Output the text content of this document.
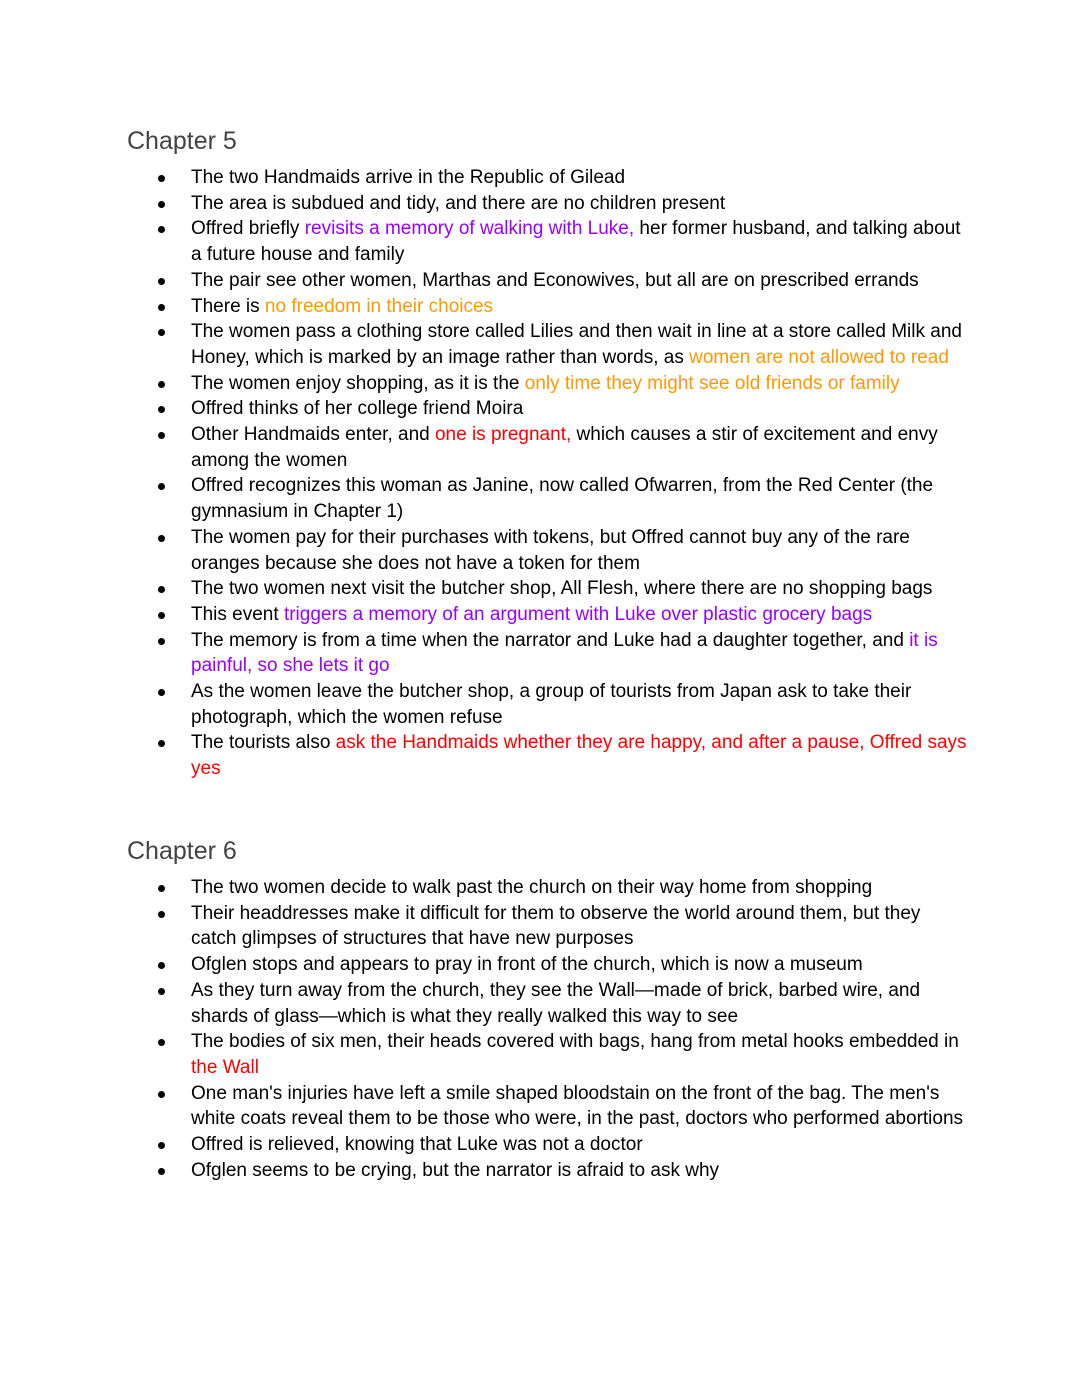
Chapter 5
The two Handmaids arrive in the Republic of Gilead
The area is subdued and tidy, and there are no children present
Offred briefly revisits a memory of walking with Luke, her former husband, and talking about a future house and family
The pair see other women, Marthas and Econowives, but all are on prescribed errands
There is no freedom in their choices
The women pass a clothing store called Lilies and then wait in line at a store called Milk and Honey, which is marked by an image rather than words, as women are not allowed to read
The women enjoy shopping, as it is the only time they might see old friends or family
Offred thinks of her college friend Moira
Other Handmaids enter, and one is pregnant, which causes a stir of excitement and envy among the women
Offred recognizes this woman as Janine, now called Ofwarren, from the Red Center (the gymnasium in Chapter 1)
The women pay for their purchases with tokens, but Offred cannot buy any of the rare oranges because she does not have a token for them
The two women next visit the butcher shop, All Flesh, where there are no shopping bags
This event triggers a memory of an argument with Luke over plastic grocery bags
The memory is from a time when the narrator and Luke had a daughter together, and it is painful, so she lets it go
As the women leave the butcher shop, a group of tourists from Japan ask to take their photograph, which the women refuse
The tourists also ask the Handmaids whether they are happy, and after a pause, Offred says yes
Chapter 6
The two women decide to walk past the church on their way home from shopping
Their headdresses make it difficult for them to observe the world around them, but they catch glimpses of structures that have new purposes
Ofglen stops and appears to pray in front of the church, which is now a museum
As they turn away from the church, they see the Wall—made of brick, barbed wire, and shards of glass—which is what they really walked this way to see
The bodies of six men, their heads covered with bags, hang from metal hooks embedded in the Wall
One man's injuries have left a smile shaped bloodstain on the front of the bag. The men's white coats reveal them to be those who were, in the past, doctors who performed abortions
Offred is relieved, knowing that Luke was not a doctor
Ofglen seems to be crying, but the narrator is afraid to ask why
